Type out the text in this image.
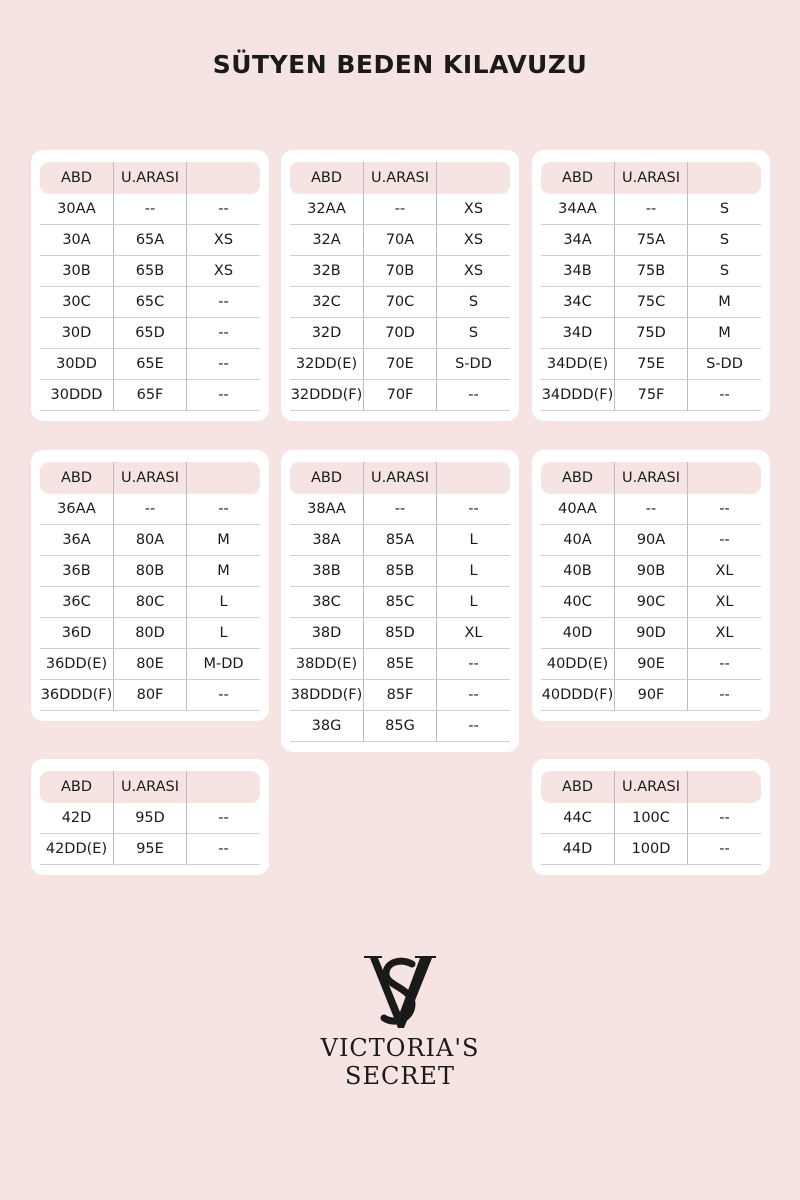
SÜTYEN BEDEN KILAVUZU
ABD	U.ARASI	
30AA	--	--
30A	65A	XS
30B	65B	XS
30C	65C	--
30D	65D	--
30DD	65E	--
30DDD	65F	--
ABD	U.ARASI	
32AA	--	XS
32A	70A	XS
32B	70B	XS
32C	70C	S
32D	70D	S
32DD(E)	70E	S-DD
32DDD(F)	70F	--
ABD	U.ARASI	
34AA	--	S
34A	75A	S
34B	75B	S
34C	75C	M
34D	75D	M
34DD(E)	75E	S-DD
34DDD(F)	75F	--
ABD	U.ARASI	
36AA	--	--
36A	80A	M
36B	80B	M
36C	80C	L
36D	80D	L
36DD(E)	80E	M-DD
36DDD(F)	80F	--
ABD	U.ARASI	
38AA	--	--
38A	85A	L
38B	85B	L
38C	85C	L
38D	85D	XL
38DD(E)	85E	--
38DDD(F)	85F	--
38G	85G	--
ABD	U.ARASI	
40AA	--	--
40A	90A	--
40B	90B	XL
40C	90C	XL
40D	90D	XL
40DD(E)	90E	--
40DDD(F)	90F	--
ABD	U.ARASI	
42D	95D	--
42DD(E)	95E	--
ABD	U.ARASI	
44C	100C	--
44D	100D	--
VICTORIA'S
SECRET
